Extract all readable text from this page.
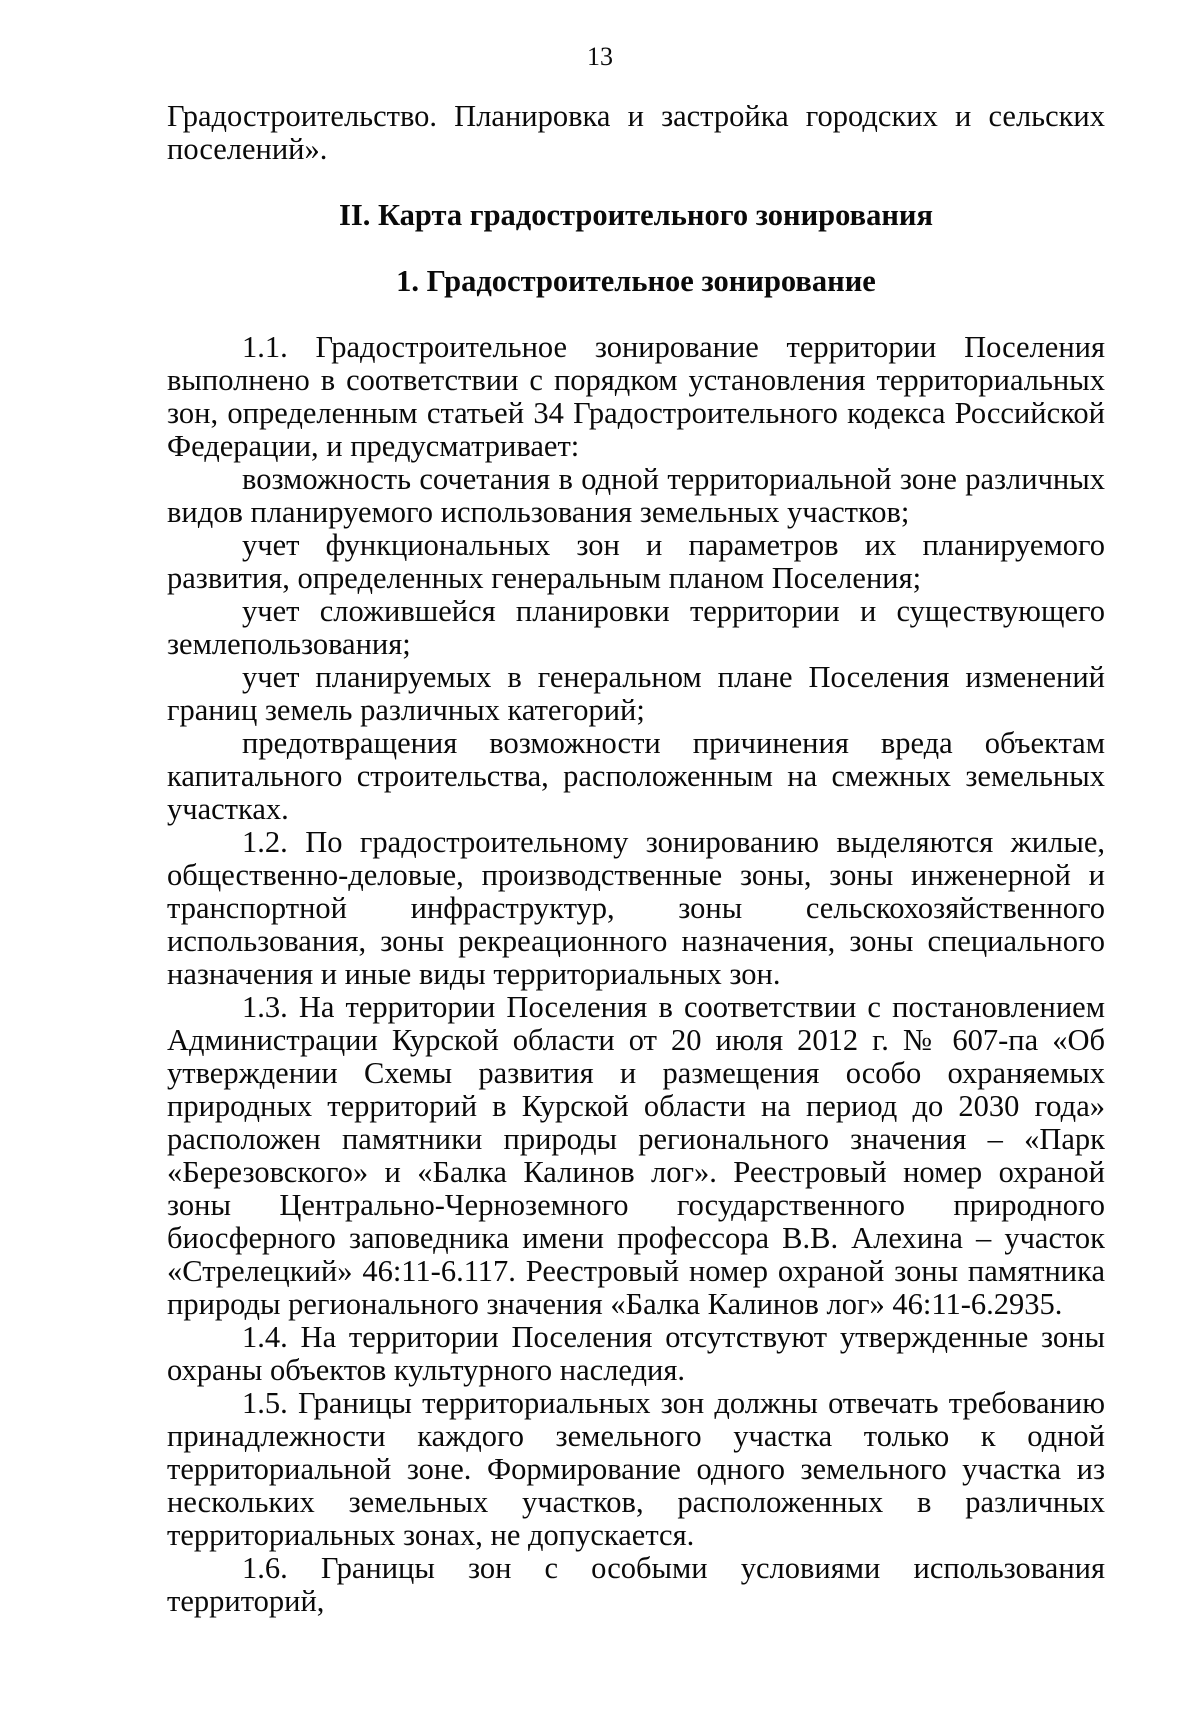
13

Градостроительство. Планировка и застройка городских и сельских поселений».

II. Карта градостроительного зонирования
1. Градостроительное зонирование

1.1. Градостроительное зонирование территории Поселения выполнено в соответствии с порядком установления территориальных зон, определенным статьей 34 Градостроительного кодекса Российской Федерации, и предусматривает:

возможность сочетания в одной территориальной зоне различных видов планируемого использования земельных участков;

учет функциональных зон и параметров их планируемого развития, определенных генеральным планом Поселения;

учет сложившейся планировки территории и существующего землепользования;

учет планируемых в генеральном плане Поселения изменений границ земель различных категорий;

предотвращения возможности причинения вреда объектам капитального строительства, расположенным на смежных земельных участках.

1.2. По градостроительному зонированию выделяются жилые, общественно-деловые, производственные зоны, зоны инженерной и транспортной инфраструктур, зоны сельскохозяйственного использования, зоны рекреационного назначения, зоны специального назначения и иные виды территориальных зон.

1.3. На территории Поселения в соответствии с постановлением Администрации Курской области от 20 июля 2012 г. № 607-па «Об утверждении Схемы развития и размещения особо охраняемых природных территорий в Курской области на период до 2030 года» расположен памятники природы регионального значения – «Парк «Березовского» и «Балка Калинов лог». Реестровый номер охраной зоны Центрально-Черноземного государственного природного биосферного заповедника имени профессора В.В. Алехина – участок «Стрелецкий» 46:11-6.117. Реестровый номер охраной зоны памятника природы регионального значения «Балка Калинов лог» 46:11-6.2935.

1.4. На территории Поселения отсутствуют утвержденные зоны охраны объектов культурного наследия.

1.5. Границы территориальных зон должны отвечать требованию принадлежности каждого земельного участка только к одной территориальной зоне. Формирование одного земельного участка из нескольких земельных участков, расположенных в различных территориальных зонах, не допускается.

1.6. Границы зон с особыми условиями использования территорий,
